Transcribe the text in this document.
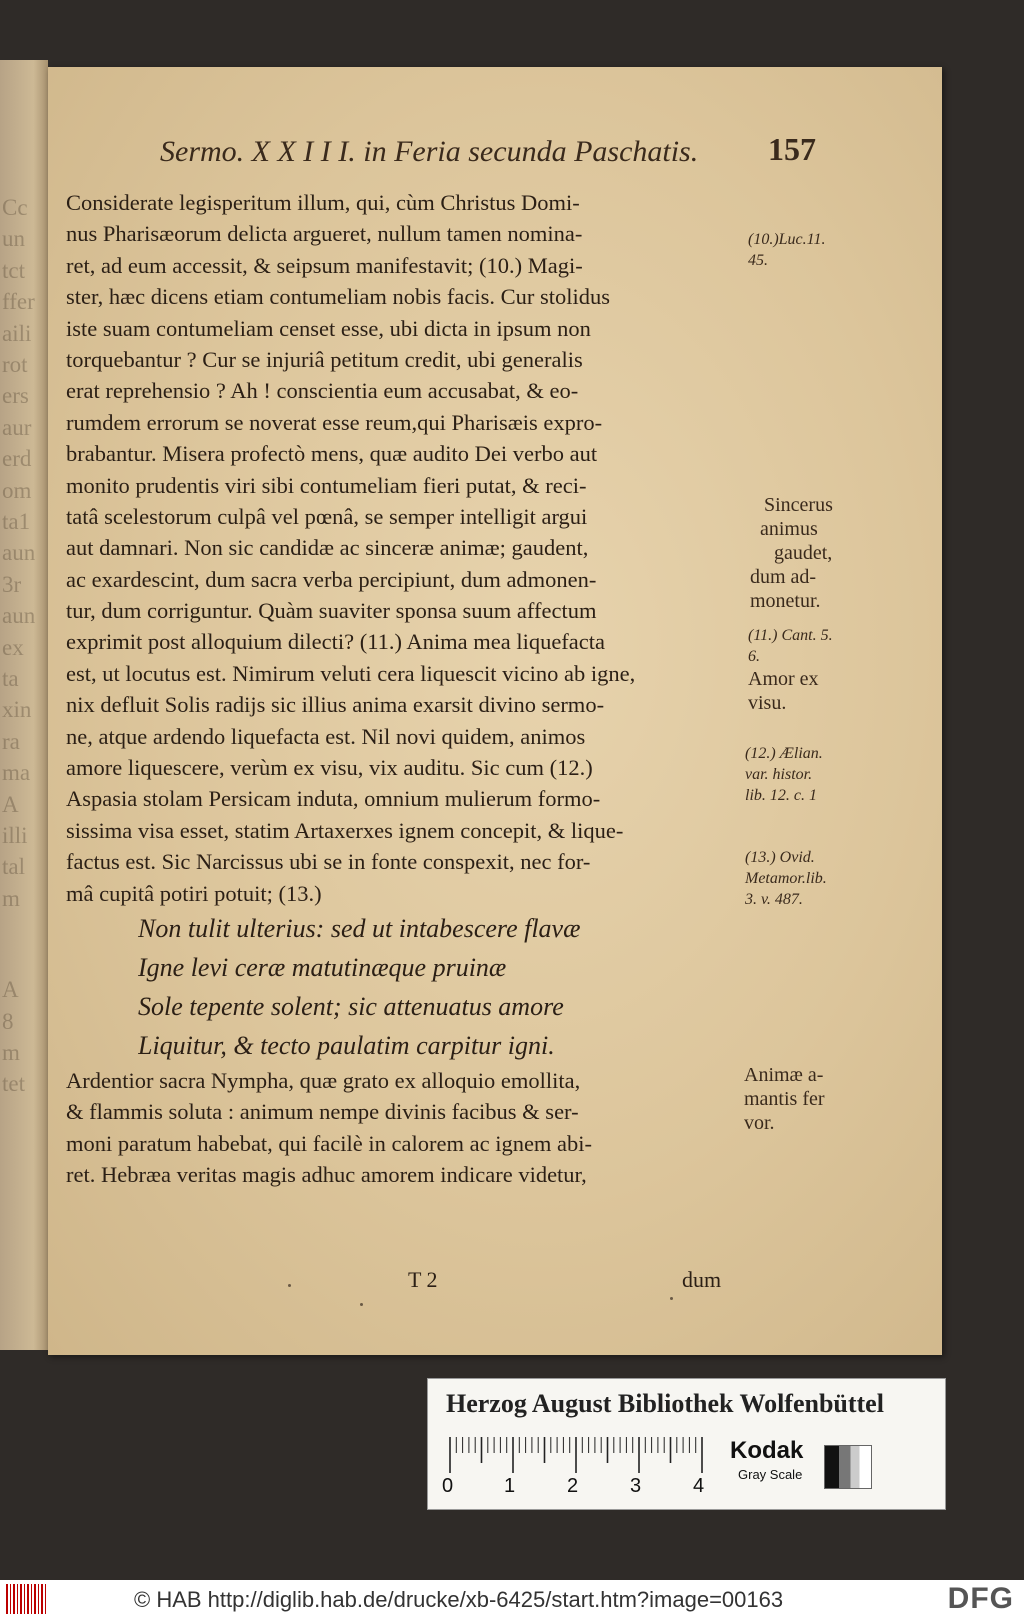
Cc
un
tct
ffer
aili
rot
ers
aur
erd
om
ta1
aun
3r
aun
ex
ta
xin
ra
ma
A
illi
tal
m
A
8
m
tet
Sermo. X X I I I. in Feria secunda Paschatis. 157
Considerate legisperitum illum, qui, cùm Christus Domi-
nus Pharisæorum delicta argueret, nullum tamen nomina-
ret, ad eum accessit, & seipsum manifestavit; (10.) Magi-
ster, hæc dicens etiam contumeliam nobis facis. Cur stolidus
iste suam contumeliam censet esse, ubi dicta in ipsum non
torquebantur ? Cur se injuriâ petitum credit, ubi generalis
erat reprehensio ? Ah ! conscientia eum accusabat, & eo-
rumdem errorum se noverat esse reum,qui Pharisæis expro-
brabantur. Misera profectò mens, quæ audito Dei verbo aut
monito prudentis viri sibi contumeliam fieri putat, & reci-
tatâ scelestorum culpâ vel pœnâ, se semper intelligit argui
aut damnari. Non sic candidæ ac sinceræ animæ; gaudent,
ac exardescint, dum sacra verba percipiunt, dum admonen-
tur, dum corriguntur. Quàm suaviter sponsa suum affectum
exprimit post alloquium dilecti? (11.) Anima mea liquefacta
est, ut locutus est. Nimirum veluti cera liquescit vicino ab igne,
nix defluit Solis radijs sic illius anima exarsit divino sermo-
ne, atque ardendo liquefacta est. Nil novi quidem, animos
amore liquescere, verùm ex visu, vix auditu. Sic cum (12.)
Aspasia stolam Persicam induta, omnium mulierum formo-
sissima visa esset, statim Artaxerxes ignem concepit, & lique-
factus est. Sic Narcissus ubi se in fonte conspexit, nec for-
mâ cupitâ potiri potuit; (13.)
Non tulit ulterius: sed ut intabescere flavæ
Igne levi ceræ matutinæque pruinæ
Sole tepente solent; sic attenuatus amore
Liquitur, & tecto paulatim carpitur igni.
Ardentior sacra Nympha, quæ grato ex alloquio emollita,
& flammis soluta : animum nempe divinis facibus & ser-
moni paratum habebat, qui facilè in calorem ac ignem abi-
ret. Hebræa veritas magis adhuc amorem indicare videtur,
T 2	dum
(10.)Luc.11.
45.
Sincerus
animus
gaudet,
dum ad-
monetur.
(11.) Cant. 5.
6.
Amor ex
visu.
(12.) Ælian.
var. histor.
lib. 12. c. 1
(13.) Ovid.
Metamor.lib.
3. v. 487.
Animæ a-
mantis fer
vor.
Herzog August Bibliothek Wolfenbüttel
0	1	2	3	4
Kodak
Gray Scale
© HAB http://diglib.hab.de/drucke/xb-6425/start.htm?image=00163	DFG
